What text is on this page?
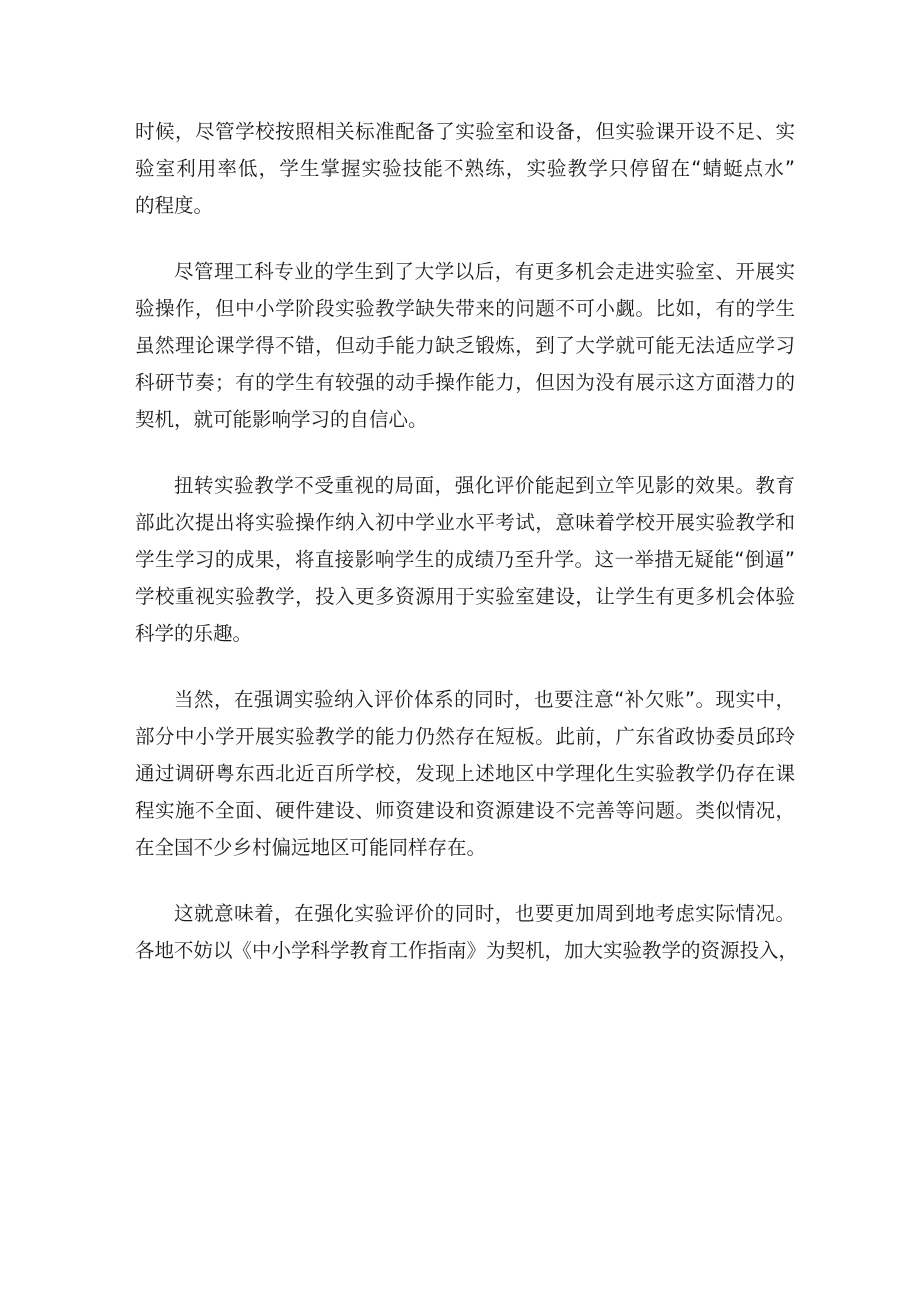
时候，尽管学校按照相关标准配备了实验室和设备，但实验课开设不足、实
验室利用率低，学生掌握实验技能不熟练，实验教学只停留在“蜻蜓点水”
的程度。
尽管理工科专业的学生到了大学以后，有更多机会走进实验室、开展实
验操作，但中小学阶段实验教学缺失带来的问题不可小觑。比如，有的学生
虽然理论课学得不错，但动手能力缺乏锻炼，到了大学就可能无法适应学习
科研节奏；有的学生有较强的动手操作能力，但因为没有展示这方面潜力的
契机，就可能影响学习的自信心。
扭转实验教学不受重视的局面，强化评价能起到立竿见影的效果。教育
部此次提出将实验操作纳入初中学业水平考试，意味着学校开展实验教学和
学生学习的成果，将直接影响学生的成绩乃至升学。这一举措无疑能“倒逼”
学校重视实验教学，投入更多资源用于实验室建设，让学生有更多机会体验
科学的乐趣。
当然，在强调实验纳入评价体系的同时，也要注意“补欠账”。现实中，
部分中小学开展实验教学的能力仍然存在短板。此前，广东省政协委员邱玲
通过调研粤东西北近百所学校，发现上述地区中学理化生实验教学仍存在课
程实施不全面、硬件建设、师资建设和资源建设不完善等问题。类似情况，
在全国不少乡村偏远地区可能同样存在。
这就意味着，在强化实验评价的同时，也要更加周到地考虑实际情况。
各地不妨以《中小学科学教育工作指南》为契机，加大实验教学的资源投入，
